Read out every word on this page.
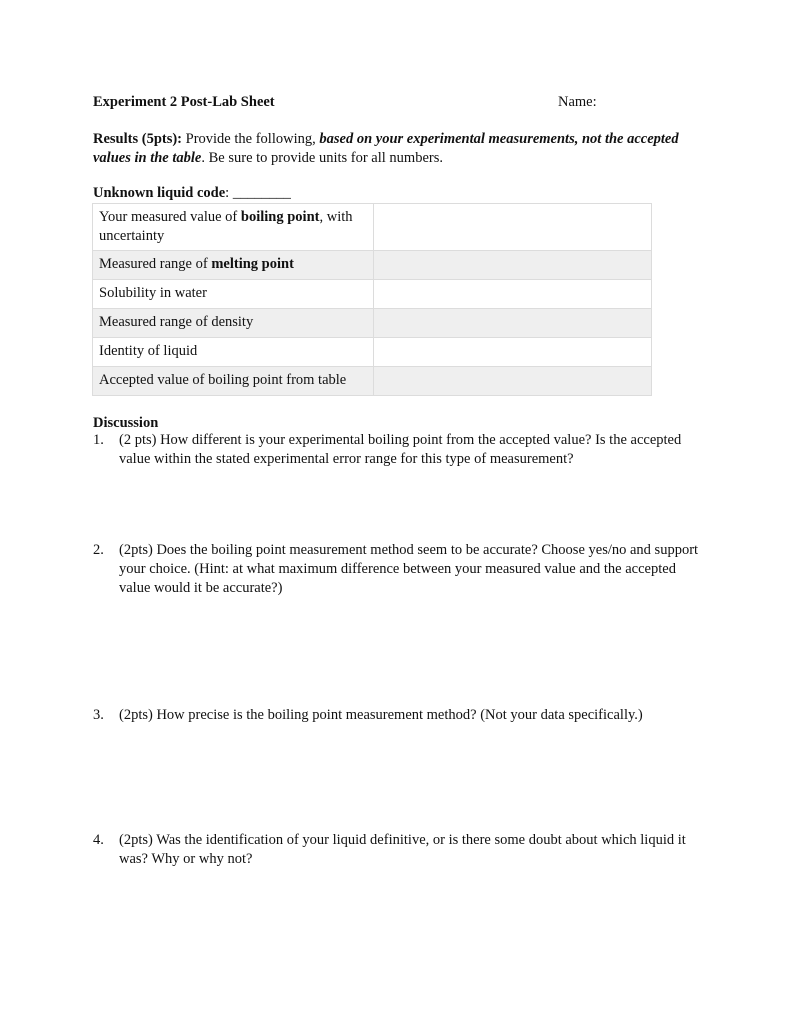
Experiment 2 Post-Lab Sheet	Name:
Results (5pts): Provide the following, based on your experimental measurements, not the accepted values in the table. Be sure to provide units for all numbers.
Unknown liquid code: ________
Your measured value of boiling point, with uncertainty	
Measured range of melting point	
Solubility in water	
Measured range of density	
Identity of liquid	
Accepted value of boiling point from table	
Discussion
1.	(2 pts) How different is your experimental boiling point from the accepted value? Is the accepted value within the stated experimental error range for this type of measurement?
2.	(2pts) Does the boiling point measurement method seem to be accurate? Choose yes/no and support your choice. (Hint: at what maximum difference between your measured value and the accepted value would it be accurate?)
3.	(2pts) How precise is the boiling point measurement method? (Not your data specifically.)
4.	(2pts) Was the identification of your liquid definitive, or is there some doubt about which liquid it was? Why or why not?
